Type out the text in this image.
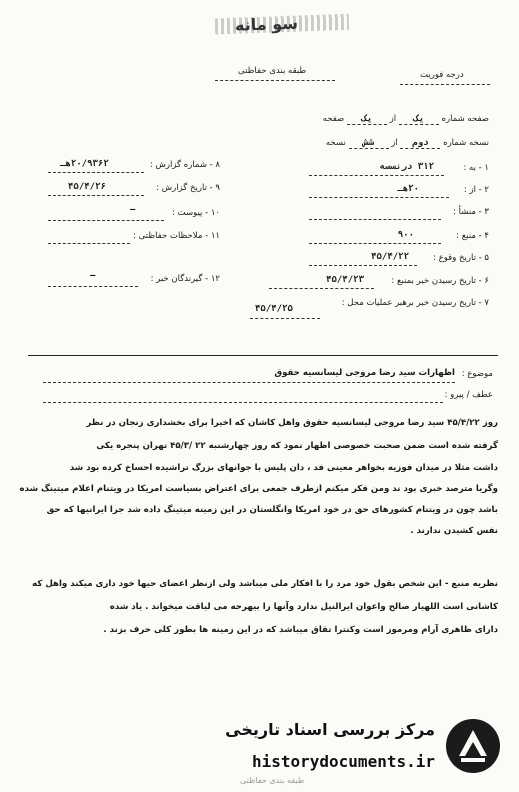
سو مانه
طبقه بندی حفاظتی	درجه فوریت
صفحه شماره یک از یک صفحه
نسخه شماره دوم از شش نسخه
۱ - به :
۳۱۲ درنسسه
۲ - از :
۲۰هـ
۳ - منشأ :
۴ - منبع :
۹۰۰
۵ - تاریخ وقوع :
۴۵/۴/۲۲
۶ - تاریخ رسیدن خبر بمنبع :
۴۵/۴/۲۳
۷ - تاریخ رسیدن خبر برهبر عملیات محل :
۴۵/۴/۲۵
۸ - شماره گزارش :
۲۰/۹۳۶۲هـ
۹ - تاریخ گزارش :
۴۵/۴/۲۶
۱۰ - پیوست :
—
۱۱ - ملاحظات حفاظتی :
۱۲ - گیرندگان خبر :
—
موضوع :
اظهارات سید رضا مروجی لیسانسیه حقوق
عطف / پیرو :
روز ۴۵/۴/۲۲ سید رضا مروجی لیسانسیه حقوق واهل کاشان که اخیرا برای بخشداری زنجان در نظر
گرفته شده است ضمن صحبت خصوصی اظهار نمود که روز چهارشنبه ۲۲ /۴۵/۳ تهران پنجره یکی
داشت مثلا در میدان فوزیه بخواهر معینی فد ، دان پلیس با جوانهای بزرگ تراشیده احساخ کرده بود شد
وگریا مترصد خبری بود ند ومن فکر میکنم ازطرف جمعی برای اعتراض بسیاست امریکا در ویتنام اعلام میتینگ شده
باشد چون در ویتنام کشورهای حق در خود امریکا وانگلستان در این زمینه میتینگ داده شد جرا ایرانیها که حق
نفس کشیدن ندارند .
نظریه منبع - این شخص بقول خود مرد را با افکار ملی میباشد ولی ازنظر اعضای حیها خود داری میکند واهل که
کاشانی است اللهیار صالح واعوان ایرالنیل ندارد وآنها را بیهرحه می لیاقت میخواند . یاد شده
دارای ظاهری آرام ومرموز است وکنترا تقاق میباشد که در این زمینه ها بطور کلی حرف بزند .
مرکز بررسی اسناد تاریخی
historydocuments.ir
طبقه بندی حفاظتی
